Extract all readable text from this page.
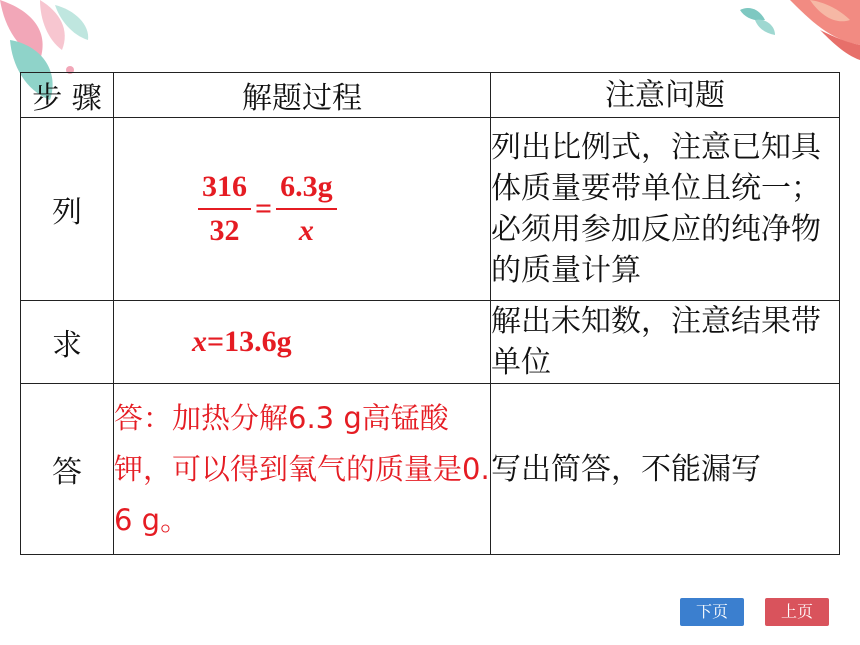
步 骤	解题过程	注意问题
列	$\frac{316}{32} = \frac{6.3g}{x}$	列出比例式，注意已知具体质量要带单位且统一；必须用参加反应的纯净物的质量计算
求	x=13.6g	解出未知数，注意结果带单位
答	答：加热分解6.3 g高锰酸钾，可以得到氧气的质量是0. 6 g。	写出简答，不能漏写
下页	上页
